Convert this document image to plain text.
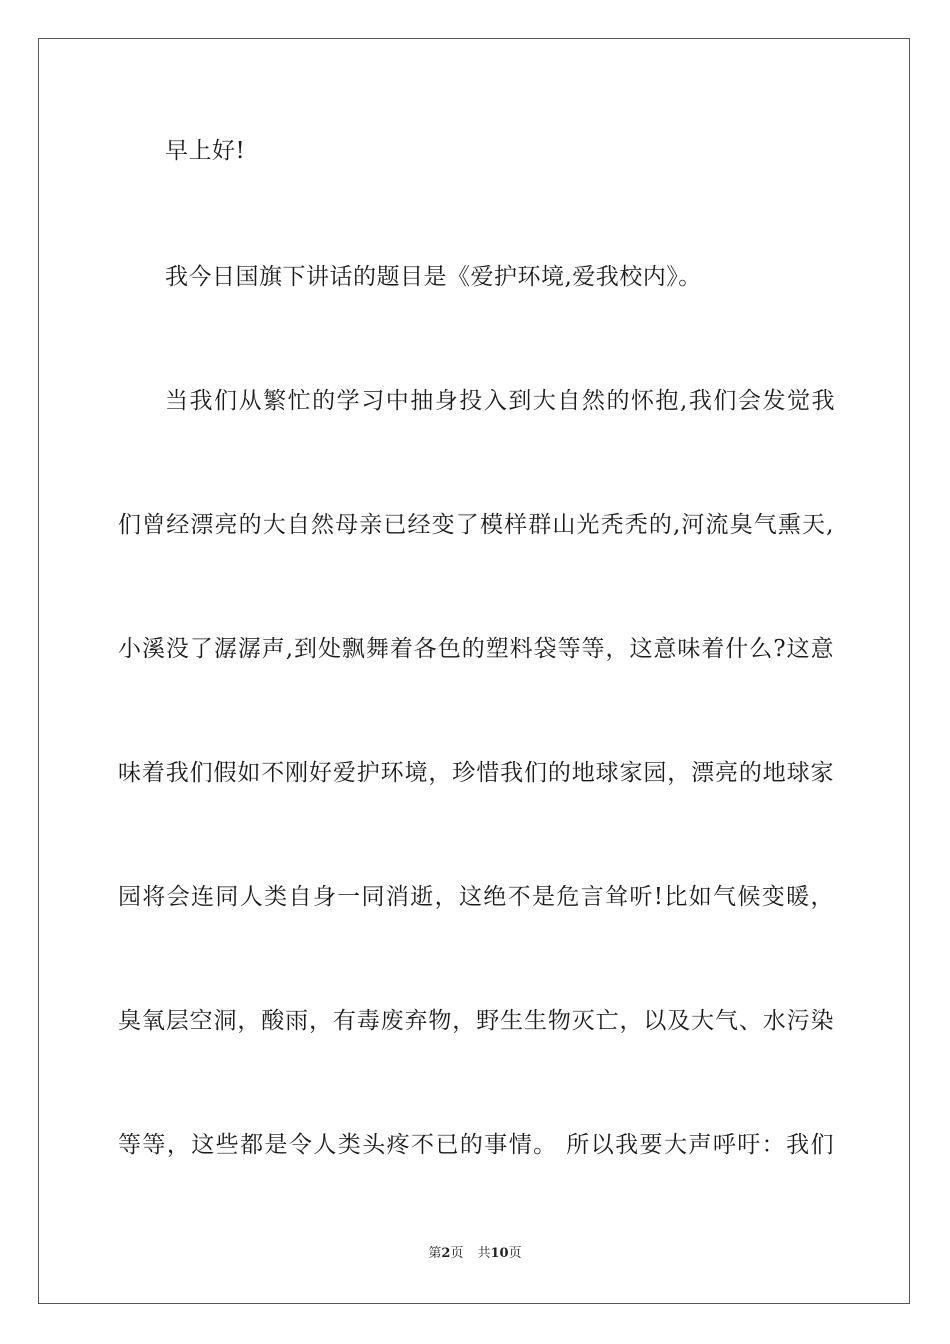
早上好!
我今日国旗下讲话的题目是《爱护环境,爱我校内》。
当我们从繁忙的学习中抽身投入到大自然的怀抱,我们会发觉我
们曾经漂亮的大自然母亲已经变了模样群山光秃秃的,河流臭气熏天,
小溪没了潺潺声,到处飘舞着各色的塑料袋等等，这意味着什么?这意
味着我们假如不刚好爱护环境，珍惜我们的地球家园，漂亮的地球家
园将会连同人类自身一同消逝，这绝不是危言耸听!比如气候变暖，
臭氧层空洞，酸雨，有毒废弃物，野生生物灭亡，以及大气、水污染
等等，这些都是令人类头疼不已的事情。 所以我要大声呼吁：我们
第2页 共10页
